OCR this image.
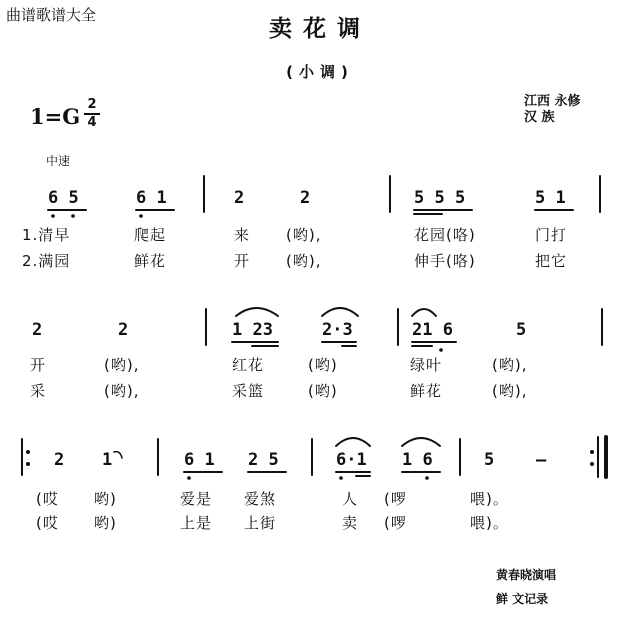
曲谱歌谱大全
卖花调
(小调)
1=G 2
4
江西 永修
汉 族
中速
6 5	6 1	2	2	5 5 5	5 1
1.清早	爬起	来 (哟),	花园(咯)	门打
2.满园	鲜花	开 (哟),	伸手(咯)	把它
2	2	1 23	2·3	21 6	5
开	(哟),	红花	(哟)	绿叶	(哟),
采	(哟),	采篮	(哟)	鲜花	(哟),
2 1	6 1 2 5	6·1 1 6	5 —
(哎 哟)	爱是 爱煞	人 (啰	喂)。
(哎 哟)	上是 上街	卖 (啰	喂)。
黄春晓演唱
鲜 文记录
